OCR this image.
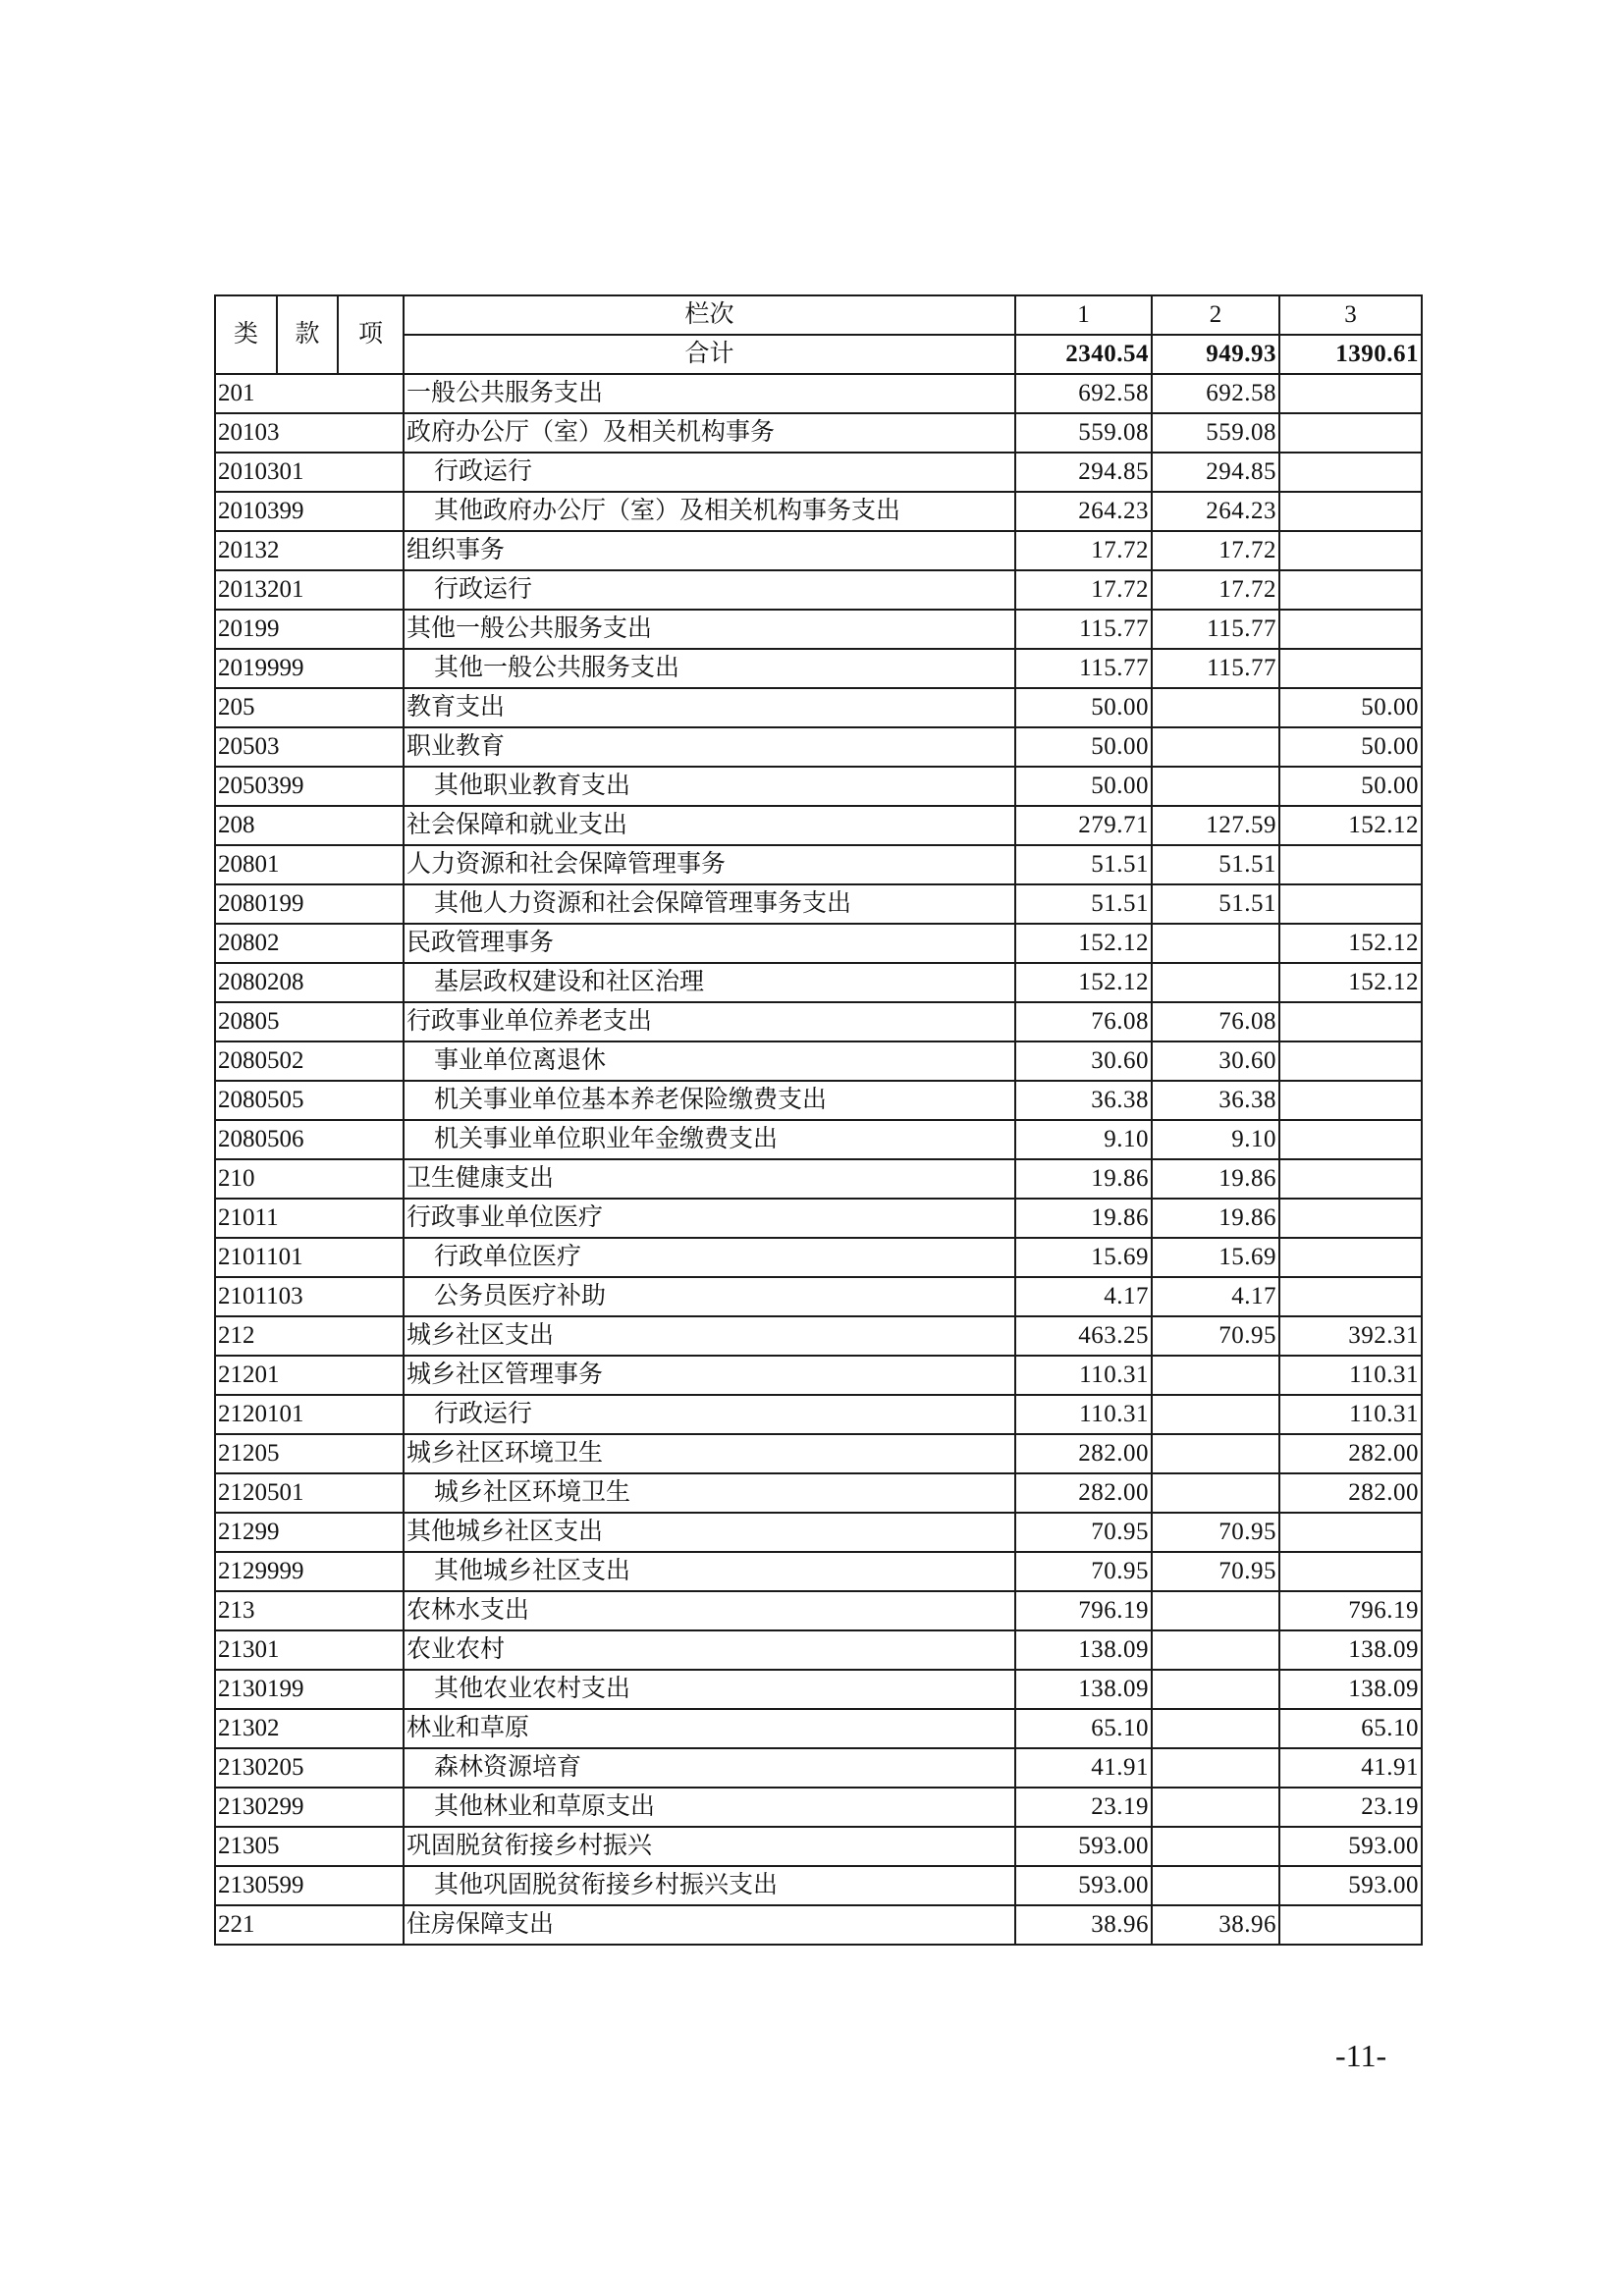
类	款	项	栏次	1	2	3
			合计	2340.54	949.93	1390.61
201			一般公共服务支出	692.58	692.58	
20103			政府办公厅（室）及相关机构事务	559.08	559.08	
2010301			行政运行	294.85	294.85	
2010399			其他政府办公厅（室）及相关机构事务支出	264.23	264.23	
20132			组织事务	17.72	17.72	
2013201			行政运行	17.72	17.72	
20199			其他一般公共服务支出	115.77	115.77	
2019999			其他一般公共服务支出	115.77	115.77	
205			教育支出	50.00		50.00
20503			职业教育	50.00		50.00
2050399			其他职业教育支出	50.00		50.00
208			社会保障和就业支出	279.71	127.59	152.12
20801			人力资源和社会保障管理事务	51.51	51.51	
2080199			其他人力资源和社会保障管理事务支出	51.51	51.51	
20802			民政管理事务	152.12		152.12
2080208			基层政权建设和社区治理	152.12		152.12
20805			行政事业单位养老支出	76.08	76.08	
2080502			事业单位离退休	30.60	30.60	
2080505			机关事业单位基本养老保险缴费支出	36.38	36.38	
2080506			机关事业单位职业年金缴费支出	9.10	9.10	
210			卫生健康支出	19.86	19.86	
21011			行政事业单位医疗	19.86	19.86	
2101101			行政单位医疗	15.69	15.69	
2101103			公务员医疗补助	4.17	4.17	
212			城乡社区支出	463.25	70.95	392.31
21201			城乡社区管理事务	110.31		110.31
2120101			行政运行	110.31		110.31
21205			城乡社区环境卫生	282.00		282.00
2120501			城乡社区环境卫生	282.00		282.00
21299			其他城乡社区支出	70.95	70.95	
2129999			其他城乡社区支出	70.95	70.95	
213			农林水支出	796.19		796.19
21301			农业农村	138.09		138.09
2130199			其他农业农村支出	138.09		138.09
21302			林业和草原	65.10		65.10
2130205			森林资源培育	41.91		41.91
2130299			其他林业和草原支出	23.19		23.19
21305			巩固脱贫衔接乡村振兴	593.00		593.00
2130599			其他巩固脱贫衔接乡村振兴支出	593.00		593.00
221			住房保障支出	38.96	38.96	
-11-
